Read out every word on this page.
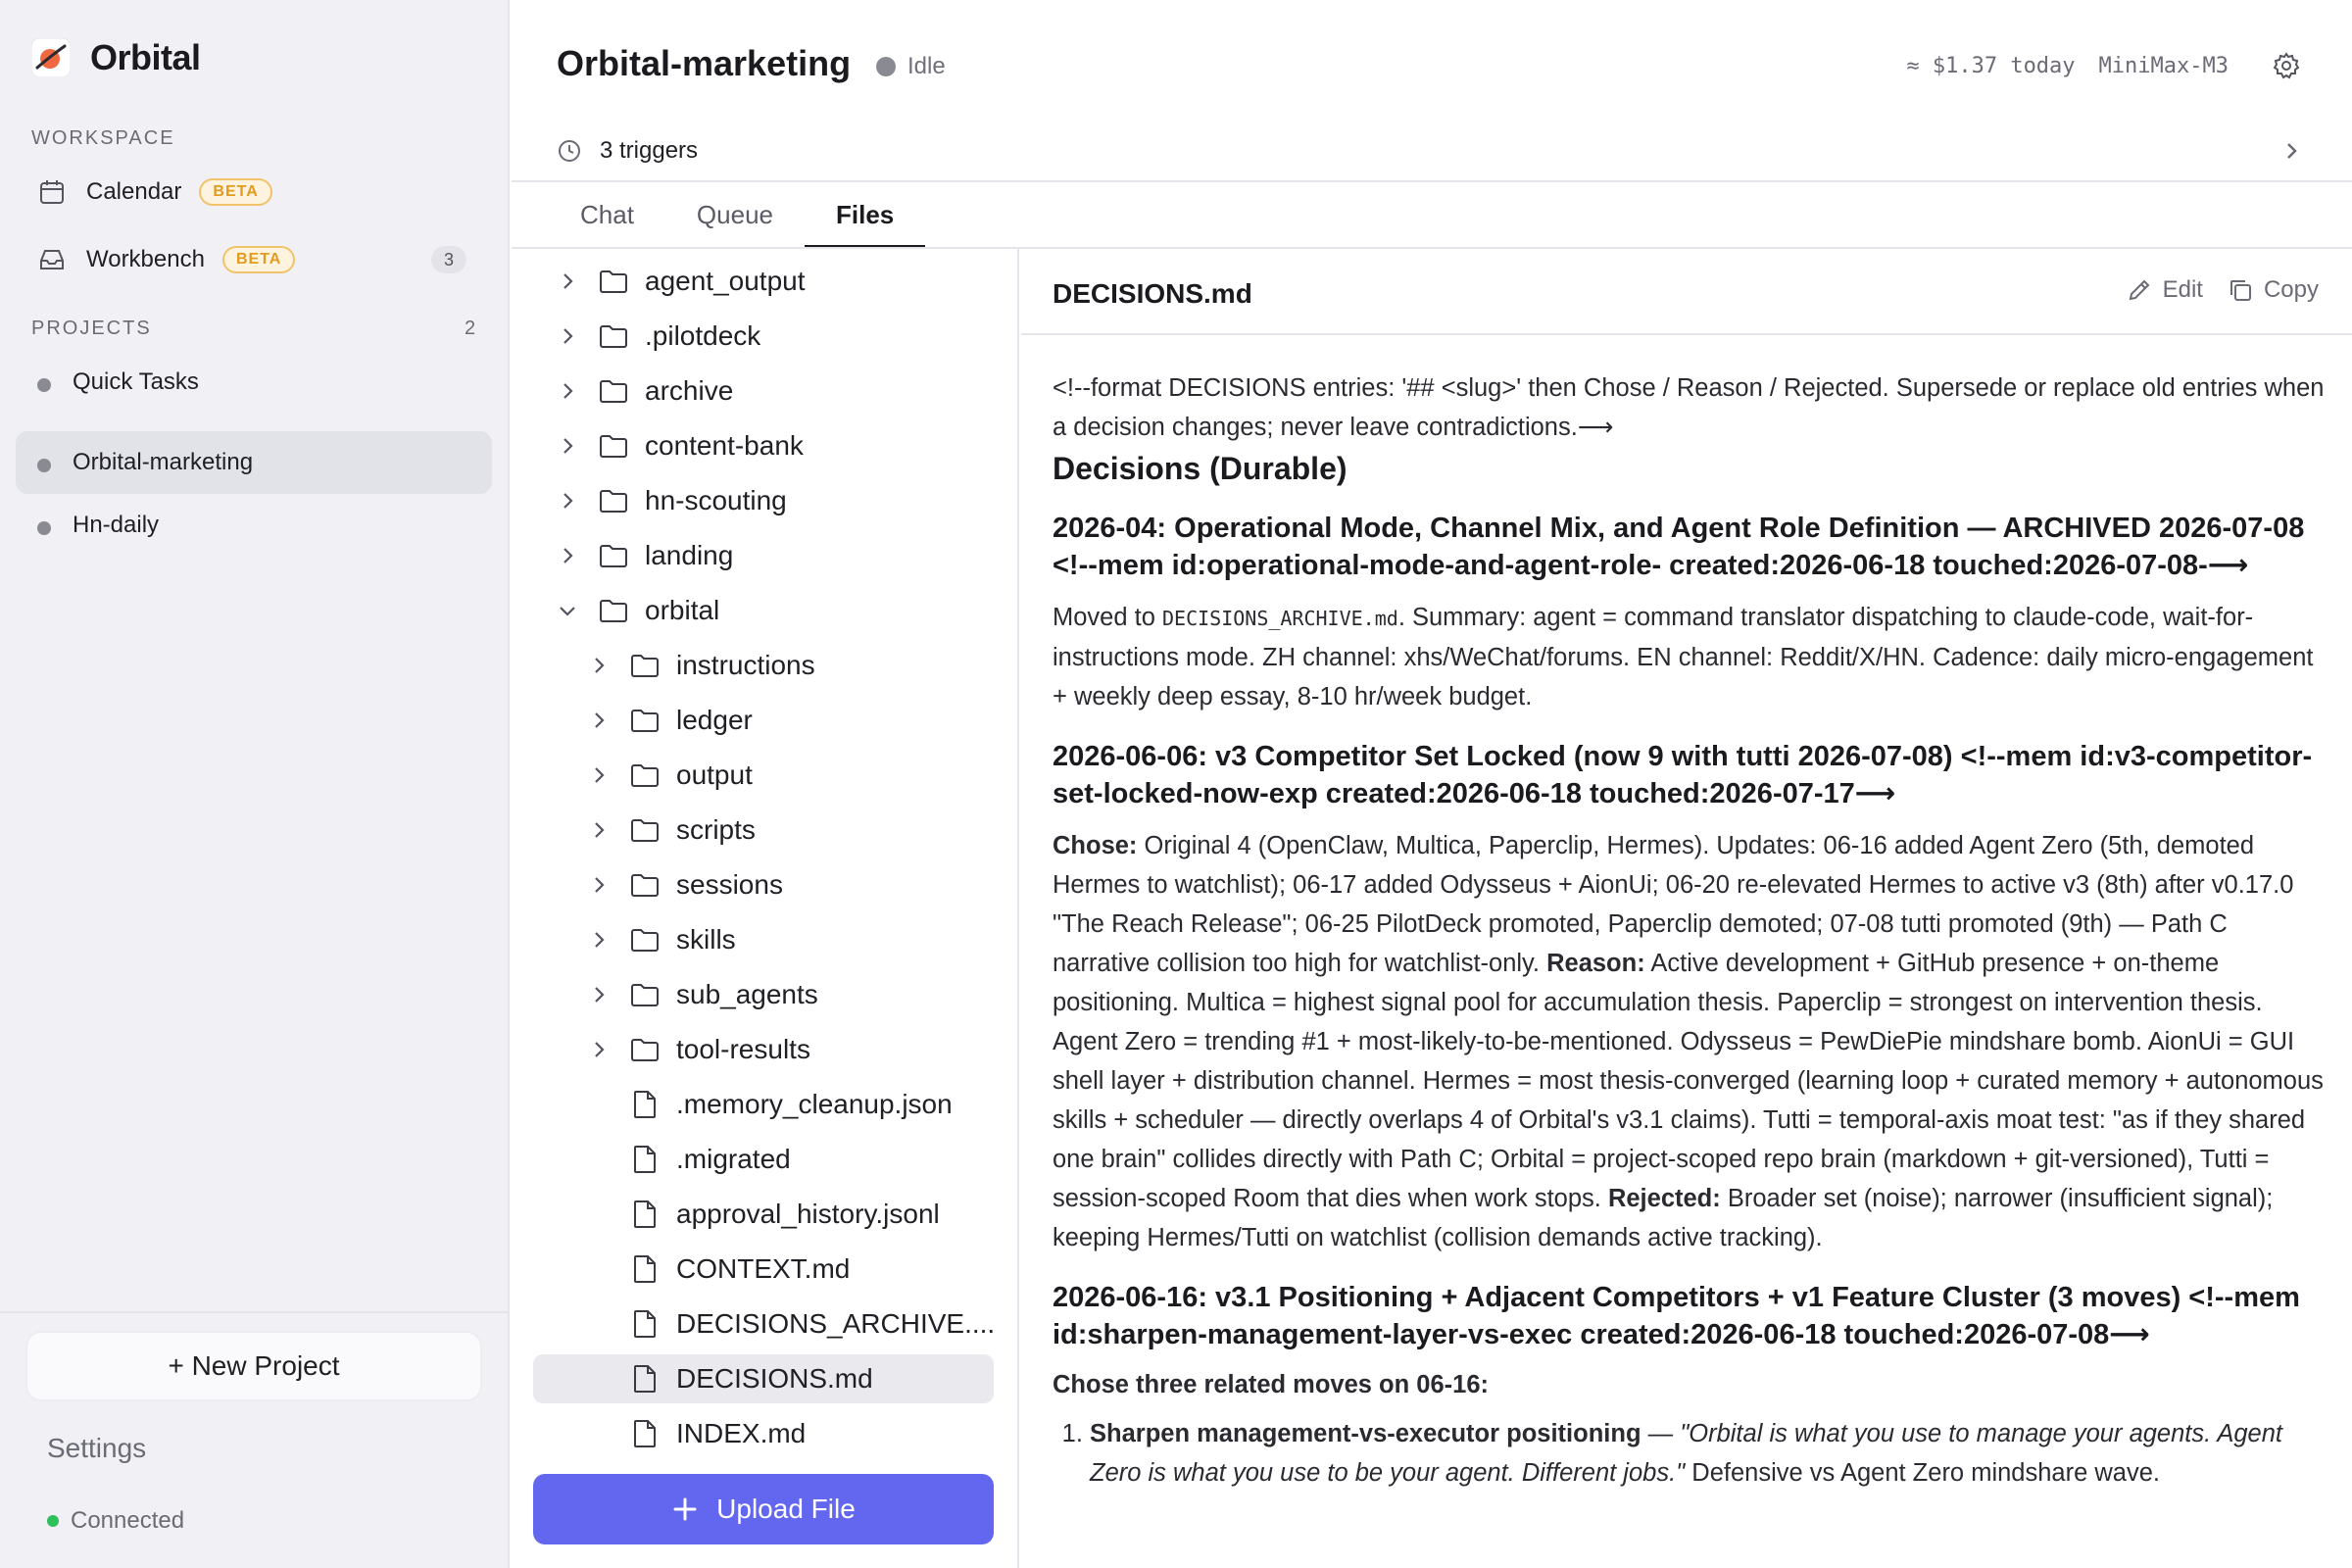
Orbital
WORKSPACE
Calendar	BETA
Workbench	BETA	3
PROJECTS	2
Quick Tasks
Orbital-marketing
Hn-daily
+ New Project
Settings
Connected
Orbital-marketing Idle	≈ $1.37 today MiniMax-M3
3 triggers
Chat	Queue	Files
agent_output
.pilotdeck
archive
content-bank
hn-scouting
landing
orbital
instructions
ledger
output
scripts
sessions
skills
sub_agents
tool-results
.memory_cleanup.json
.migrated
approval_history.jsonl
CONTEXT.md
DECISIONS_ARCHIVE....
DECISIONS.md
INDEX.md
Upload File
DECISIONS.md	Edit	Copy

<!--format DECISIONS entries: '## <slug>' then Chose / Reason / Rejected. Supersede or replace old entries when a decision changes; never leave contradictions.⟶

Decisions (Durable)
2026-04: Operational Mode, Channel Mix, and Agent Role Definition — ARCHIVED 2026-07-08 <!--mem id:operational-mode-and-agent-role- created:2026-06-18 touched:2026-07-08-⟶

Moved to DECISIONS_ARCHIVE.md. Summary: agent = command translator dispatching to claude-code, wait-for-instructions mode. ZH channel: xhs/WeChat/forums. EN channel: Reddit/X/HN. Cadence: daily micro-engagement + weekly deep essay, 8-10 hr/week budget.

2026-06-06: v3 Competitor Set Locked (now 9 with tutti 2026-07-08) <!--mem id:v3-competitor-set-locked-now-exp created:2026-06-18 touched:2026-07-17⟶

Chose: Original 4 (OpenClaw, Multica, Paperclip, Hermes). Updates: 06-16 added Agent Zero (5th, demoted Hermes to watchlist); 06-17 added Odysseus + AionUi; 06-20 re-elevated Hermes to active v3 (8th) after v0.17.0 "The Reach Release"; 06-25 PilotDeck promoted, Paperclip demoted; 07-08 tutti promoted (9th) — Path C narrative collision too high for watchlist-only. Reason: Active development + GitHub presence + on-theme positioning. Multica = highest signal pool for accumulation thesis. Paperclip = strongest on intervention thesis. Agent Zero = trending #1 + most-likely-to-be-mentioned. Odysseus = PewDiePie mindshare bomb. AionUi = GUI shell layer + distribution channel. Hermes = most thesis-converged (learning loop + curated memory + autonomous skills + scheduler — directly overlaps 4 of Orbital's v3.1 claims). Tutti = temporal-axis moat test: "as if they shared one brain" collides directly with Path C; Orbital = project-scoped repo brain (markdown + git-versioned), Tutti = session-scoped Room that dies when work stops. Rejected: Broader set (noise); narrower (insufficient signal); keeping Hermes/Tutti on watchlist (collision demands active tracking).

2026-06-16: v3.1 Positioning + Adjacent Competitors + v1 Feature Cluster (3 moves) <!--mem id:sharpen-management-layer-vs-exec created:2026-06-18 touched:2026-07-08⟶

Chose three related moves on 06-16:

1. Sharpen management-vs-executor positioning — "Orbital is what you use to manage your agents. Agent Zero is what you use to be your agent. Different jobs." Defensive vs Agent Zero mindshare wave.
